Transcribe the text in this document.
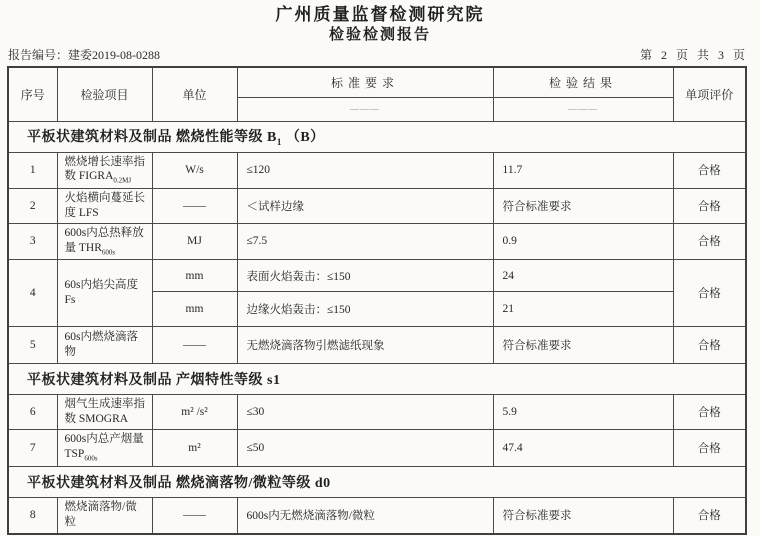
广州质量监督检测研究院
检验检测报告
报告编号：建委2019-08-0288	第 2 页 共 3 页
序号	检验项目	单位	标准要求	检验结果	单项评价
			———	———	
平板状建筑材料及制品 燃烧性能等级 $B_1$ （B）					
1	燃烧增长速率指数 $FIGRA_{0.2MJ}$	W/s	≤120	11.7	合格
2	火焰横向蔓延长度 LFS	——	＜试样边缘	符合标准要求	合格
3	600s内总热释放量 $THR_{600s}$	MJ	≤7.5	0.9	合格
4	60s内焰尖高度 Fs	mm	表面火焰轰击：≤150	24	合格
		mm	边缘火焰轰击：≤150	21	
5	60s内燃烧滴落物	——	无燃烧滴落物引燃滤纸现象	符合标准要求	合格
平板状建筑材料及制品 产烟特性等级 s1					
6	烟气生成速率指数 SMOGRA	m² /s²	≤30	5.9	合格
7	600s内总产烟量 $TSP_{600s}$	m²	≤50	47.4	合格
平板状建筑材料及制品 燃烧滴落物/微粒等级 d0					
8	燃烧滴落物/微粒	——	600s内无燃烧滴落物/微粒	符合标准要求	合格
